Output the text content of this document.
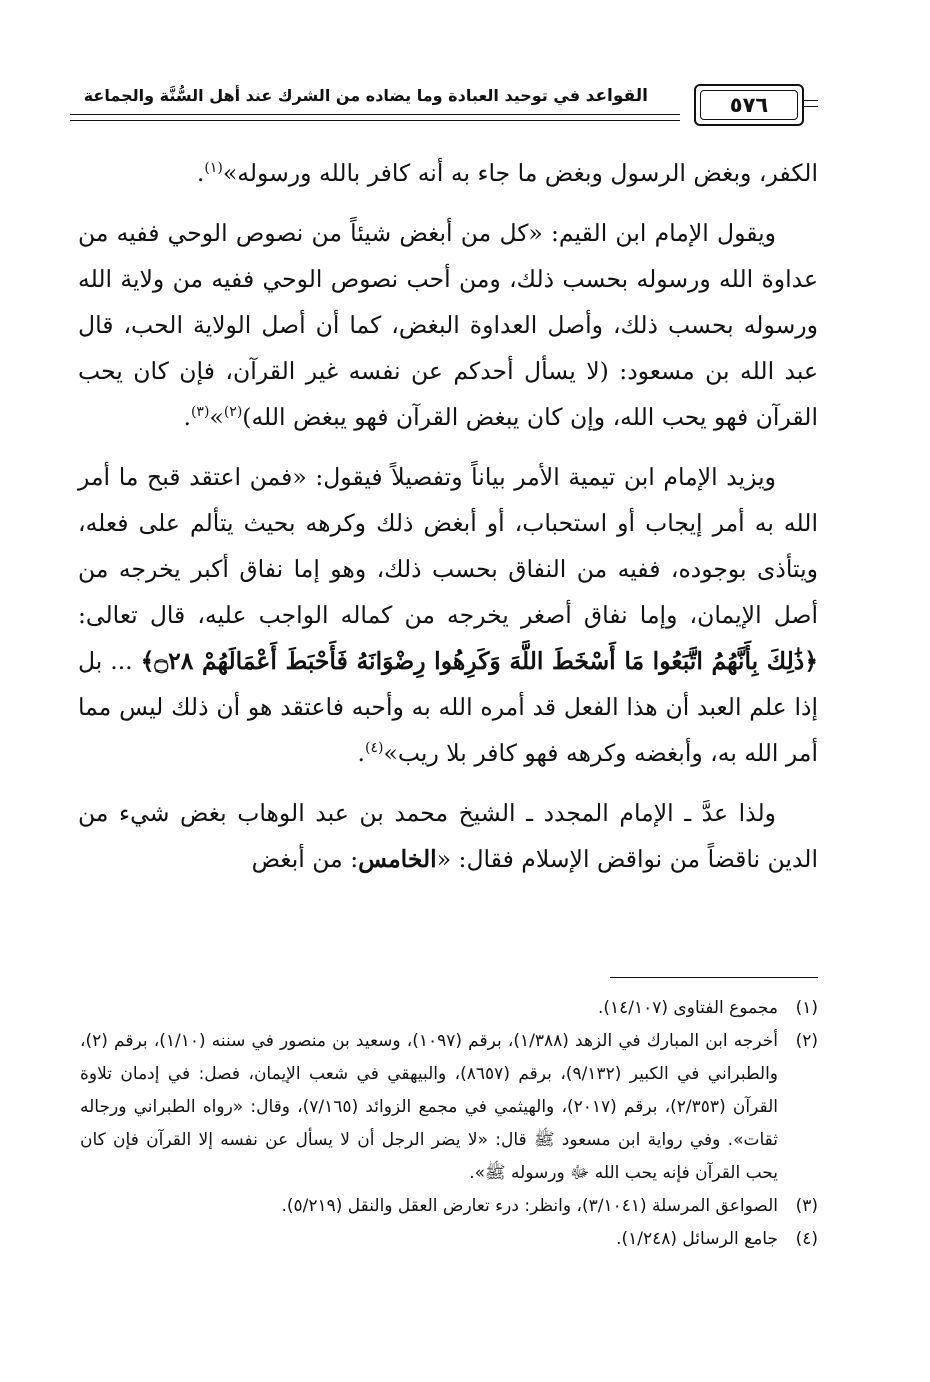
القواعد في توحيد العبادة وما يضاده من الشرك عند أهل السُّنَّة والجماعة	٥٧٦

الكفر، وبغض الرسول وبغض ما جاء به أنه كافر بالله ورسوله»$^{(١)}$.

ويقول الإمام ابن القيم: «كل من أبغض شيئاً من نصوص الوحي ففيه من عداوة الله ورسوله بحسب ذلك، ومن أحب نصوص الوحي ففيه من ولاية الله ورسوله بحسب ذلك، وأصل العداوة البغض، كما أن أصل الولاية الحب، قال عبد الله بن مسعود: (لا يسأل أحدكم عن نفسه غير القرآن، فإن كان يحب القرآن فهو يحب الله، وإن كان يبغض القرآن فهو يبغض الله)$^{(٢)}$»$^{(٣)}$.

ويزيد الإمام ابن تيمية الأمر بياناً وتفصيلاً فيقول: «فمن اعتقد قبح ما أمر الله به أمر إيجاب أو استحباب، أو أبغض ذلك وكرهه بحيث يتألم على فعله، ويتأذى بوجوده، ففيه من النفاق بحسب ذلك، وهو إما نفاق أكبر يخرجه من أصل الإيمان، وإما نفاق أصغر يخرجه من كماله الواجب عليه، قال تعالى: ﴿ذَٰلِكَ بِأَنَّهُمُ اتَّبَعُوا مَا أَسْخَطَ اللَّهَ وَكَرِهُوا رِضْوَانَهُ فَأَحْبَطَ أَعْمَالَهُمْ ۝٢٨﴾ ... بل إذا علم العبد أن هذا الفعل قد أمره الله به وأحبه فاعتقد هو أن ذلك ليس مما أمر الله به، وأبغضه وكرهه فهو كافر بلا ريب»$^{(٤)}$.

ولذا عدَّ ـ الإمام المجدد ـ الشيخ محمد بن عبد الوهاب بغض شيء من الدين ناقضاً من نواقض الإسلام فقال: «الخامس: من أبغض

(١)
مجموع الفتاوى (١٤/١٠٧).
(٢)
أخرجه ابن المبارك في الزهد (١/٣٨٨)، برقم (١٠٩٧)، وسعيد بن منصور في سننه (١/١٠)، برقم (٢)، والطبراني في الكبير (٩/١٣٢)، برقم (٨٦٥٧)، والبيهقي في شعب الإيمان، فصل: في إدمان تلاوة القرآن (٢/٣٥٣)، برقم (٢٠١٧)، والهيثمي في مجمع الزوائد (٧/١٦٥)، وقال: «رواه الطبراني ورجاله ثقات». وفي رواية ابن مسعود ﷺ قال: «لا يضر الرجل أن لا يسأل عن نفسه إلا القرآن فإن كان يحب القرآن فإنه يحب الله ﷻ ورسوله ﷺ».
(٣)
الصواعق المرسلة (٣/١٠٤١)، وانظر: درء تعارض العقل والنقل (٥/٢١٩).
(٤)
جامع الرسائل (١/٢٤٨).
